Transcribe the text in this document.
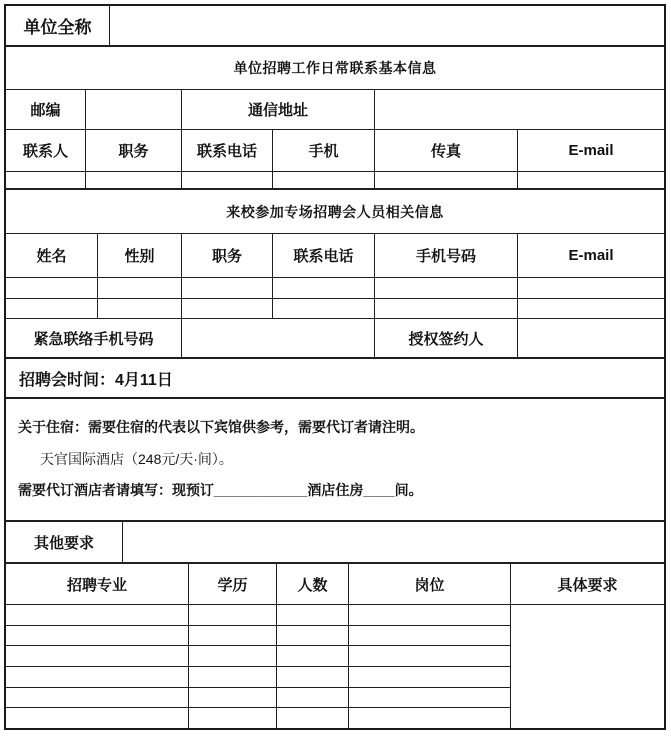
单位全称
单位招聘工作日常联系基本信息
邮编	通信地址
联系人	职务	联系电话	手机	传真	E-mail
来校参加专场招聘会人员相关信息
姓名	性别	职务	联系电话	手机号码	E-mail
紧急联络手机号码	授权签约人
招聘会时间：4月11日
关于住宿：需要住宿的代表以下宾馆供参考，需要代订者请注明。
天官国际酒店（248元/天·间）。
需要代订酒店者请填写：现预订____________酒店住房____间。
其他要求
招聘专业	学历	人数	岗位	具体要求
